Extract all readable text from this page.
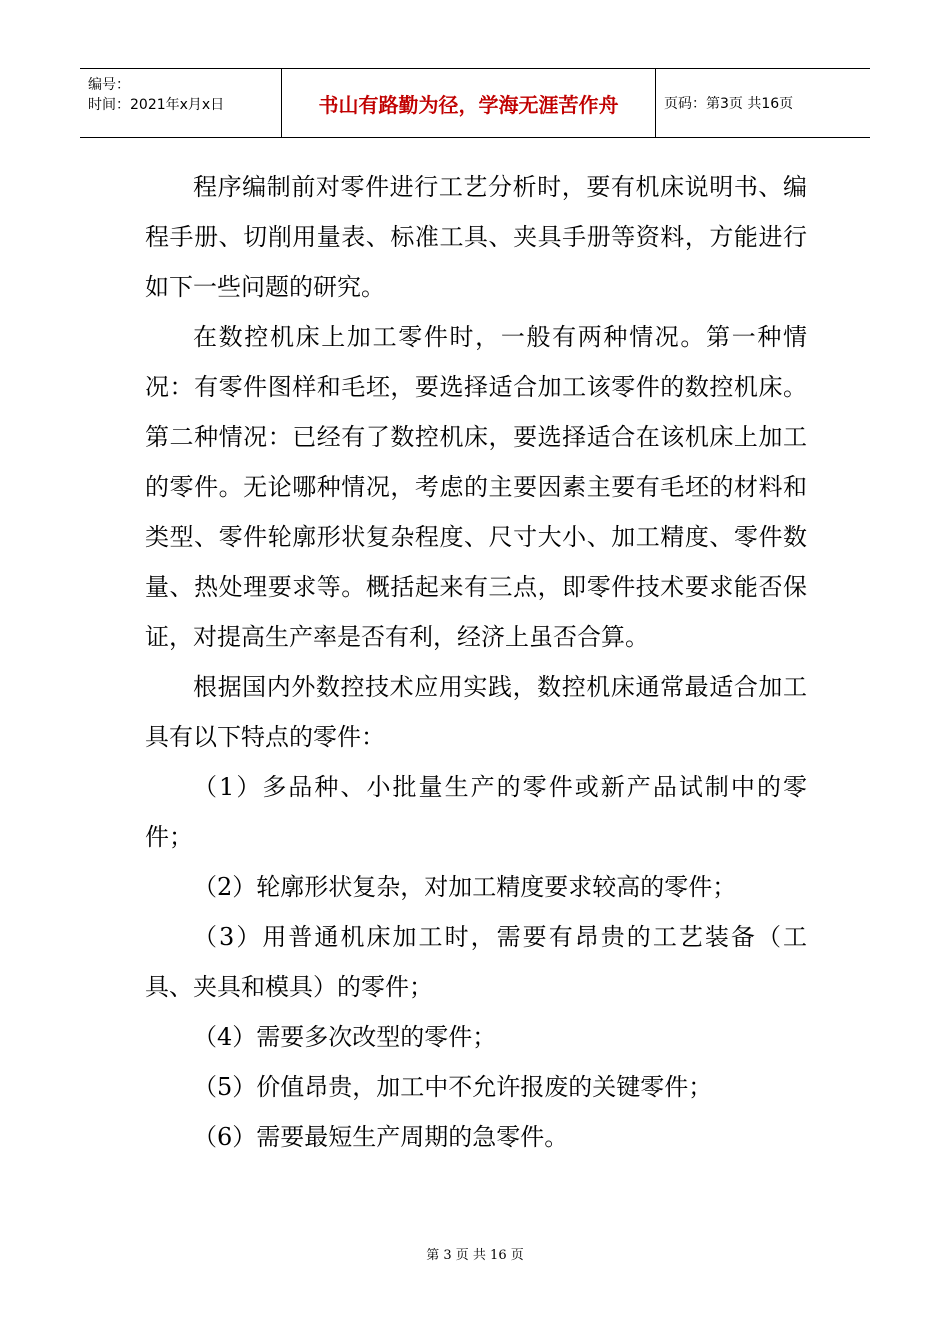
编号：
时间：2021年x月x日	书山有路勤为径，学海无涯苦作舟	页码：第3页 共16页

程序编制前对零件进行工艺分析时，要有机床说明书、编程手册、切削用量表、标准工具、夹具手册等资料，方能进行如下一些问题的研究。

在数控机床上加工零件时，一般有两种情况。第一种情况：有零件图样和毛坯，要选择适合加工该零件的数控机床。第二种情况：已经有了数控机床，要选择适合在该机床上加工的零件。无论哪种情况，考虑的主要因素主要有毛坯的材料和类型、零件轮廓形状复杂程度、尺寸大小、加工精度、零件数量、热处理要求等。概括起来有三点，即零件技术要求能否保证，对提高生产率是否有利，经济上虽否合算。

根据国内外数控技术应用实践，数控机床通常最适合加工具有以下特点的零件：

（1）多品种、小批量生产的零件或新产品试制中的零件；

（2）轮廓形状复杂，对加工精度要求较高的零件；

（3）用普通机床加工时，需要有昂贵的工艺装备（工具、夹具和模具）的零件；

（4）需要多次改型的零件；

（5）价值昂贵，加工中不允许报废的关键零件；

（6）需要最短生产周期的急零件。

第 3 页 共 16 页
